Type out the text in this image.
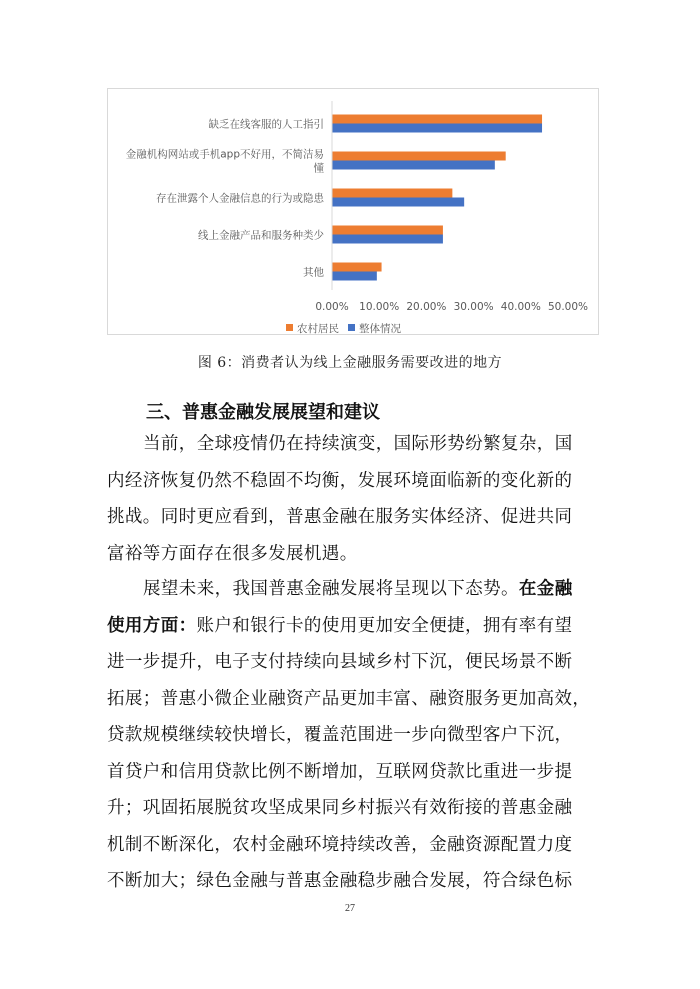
缺乏在线客服的人工指引
金融机构网站或手机app不好用，不简洁易
懂
存在泄露个人金融信息的行为或隐患
线上金融产品和服务种类少
其他
0.00% 10.00% 20.00% 30.00% 40.00% 50.00%
农村居民 整体情况
图 6：消费者认为线上金融服务需要改进的地方
三、普惠金融发展展望和建议
当前，全球疫情仍在持续演变，国际形势纷繁复杂，国
内经济恢复仍然不稳固不均衡，发展环境面临新的变化新的
挑战。同时更应看到，普惠金融在服务实体经济、促进共同
富裕等方面存在很多发展机遇。
展望未来，我国普惠金融发展将呈现以下态势。在金融
使用方面：账户和银行卡的使用更加安全便捷，拥有率有望
进一步提升，电子支付持续向县域乡村下沉，便民场景不断
拓展；普惠小微企业融资产品更加丰富、融资服务更加高效，
贷款规模继续较快增长，覆盖范围进一步向微型客户下沉，
首贷户和信用贷款比例不断增加，互联网贷款比重进一步提
升；巩固拓展脱贫攻坚成果同乡村振兴有效衔接的普惠金融
机制不断深化，农村金融环境持续改善，金融资源配置力度
不断加大；绿色金融与普惠金融稳步融合发展，符合绿色标
27
